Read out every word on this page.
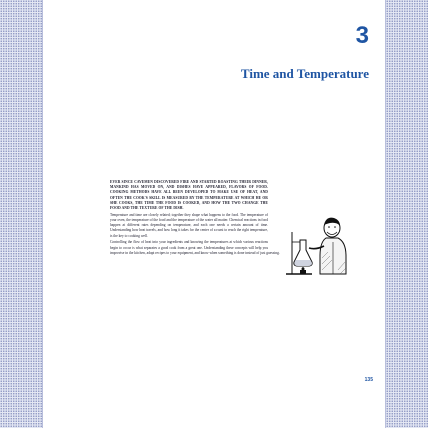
3
Time and Temperature
135

EVER SINCE CAVEMEN DISCOVERED FIRE AND STARTED ROASTING THEIR DINNER, MANKIND HAS MOVED ON, AND DISHES HAVE APPEARED, FLAVORS OF FOOD. COOKING METHODS HAVE ALL BEEN DEVELOPED TO MAKE USE OF HEAT, AND OFTEN THE COOK'S SKILL IS MEASURED BY THE TEMPERATURE AT WHICH HE OR SHE COOKS, THE TIME THE FOOD IS COOKED, AND HOW THE TWO CHANGE THE FOOD AND THE TEXTURE OF THE DISH.

Temperature and time are closely related; together they shape what happens to the food. The temperature of your oven, the temperature of the food and the temperature of the water all matter. Chemical reactions in food happen at different rates depending on temperature, and each one needs a certain amount of time. Understanding how heat travels, and how long it takes for the center of a roast to reach the right temperature, is the key to cooking well.

Controlling the flow of heat into your ingredients and knowing the temperatures at which various reactions begin to occur is what separates a good cook from a great one. Understanding these concepts will help you improvise in the kitchen, adapt recipes to your equipment, and know when something is done instead of just guessing.
